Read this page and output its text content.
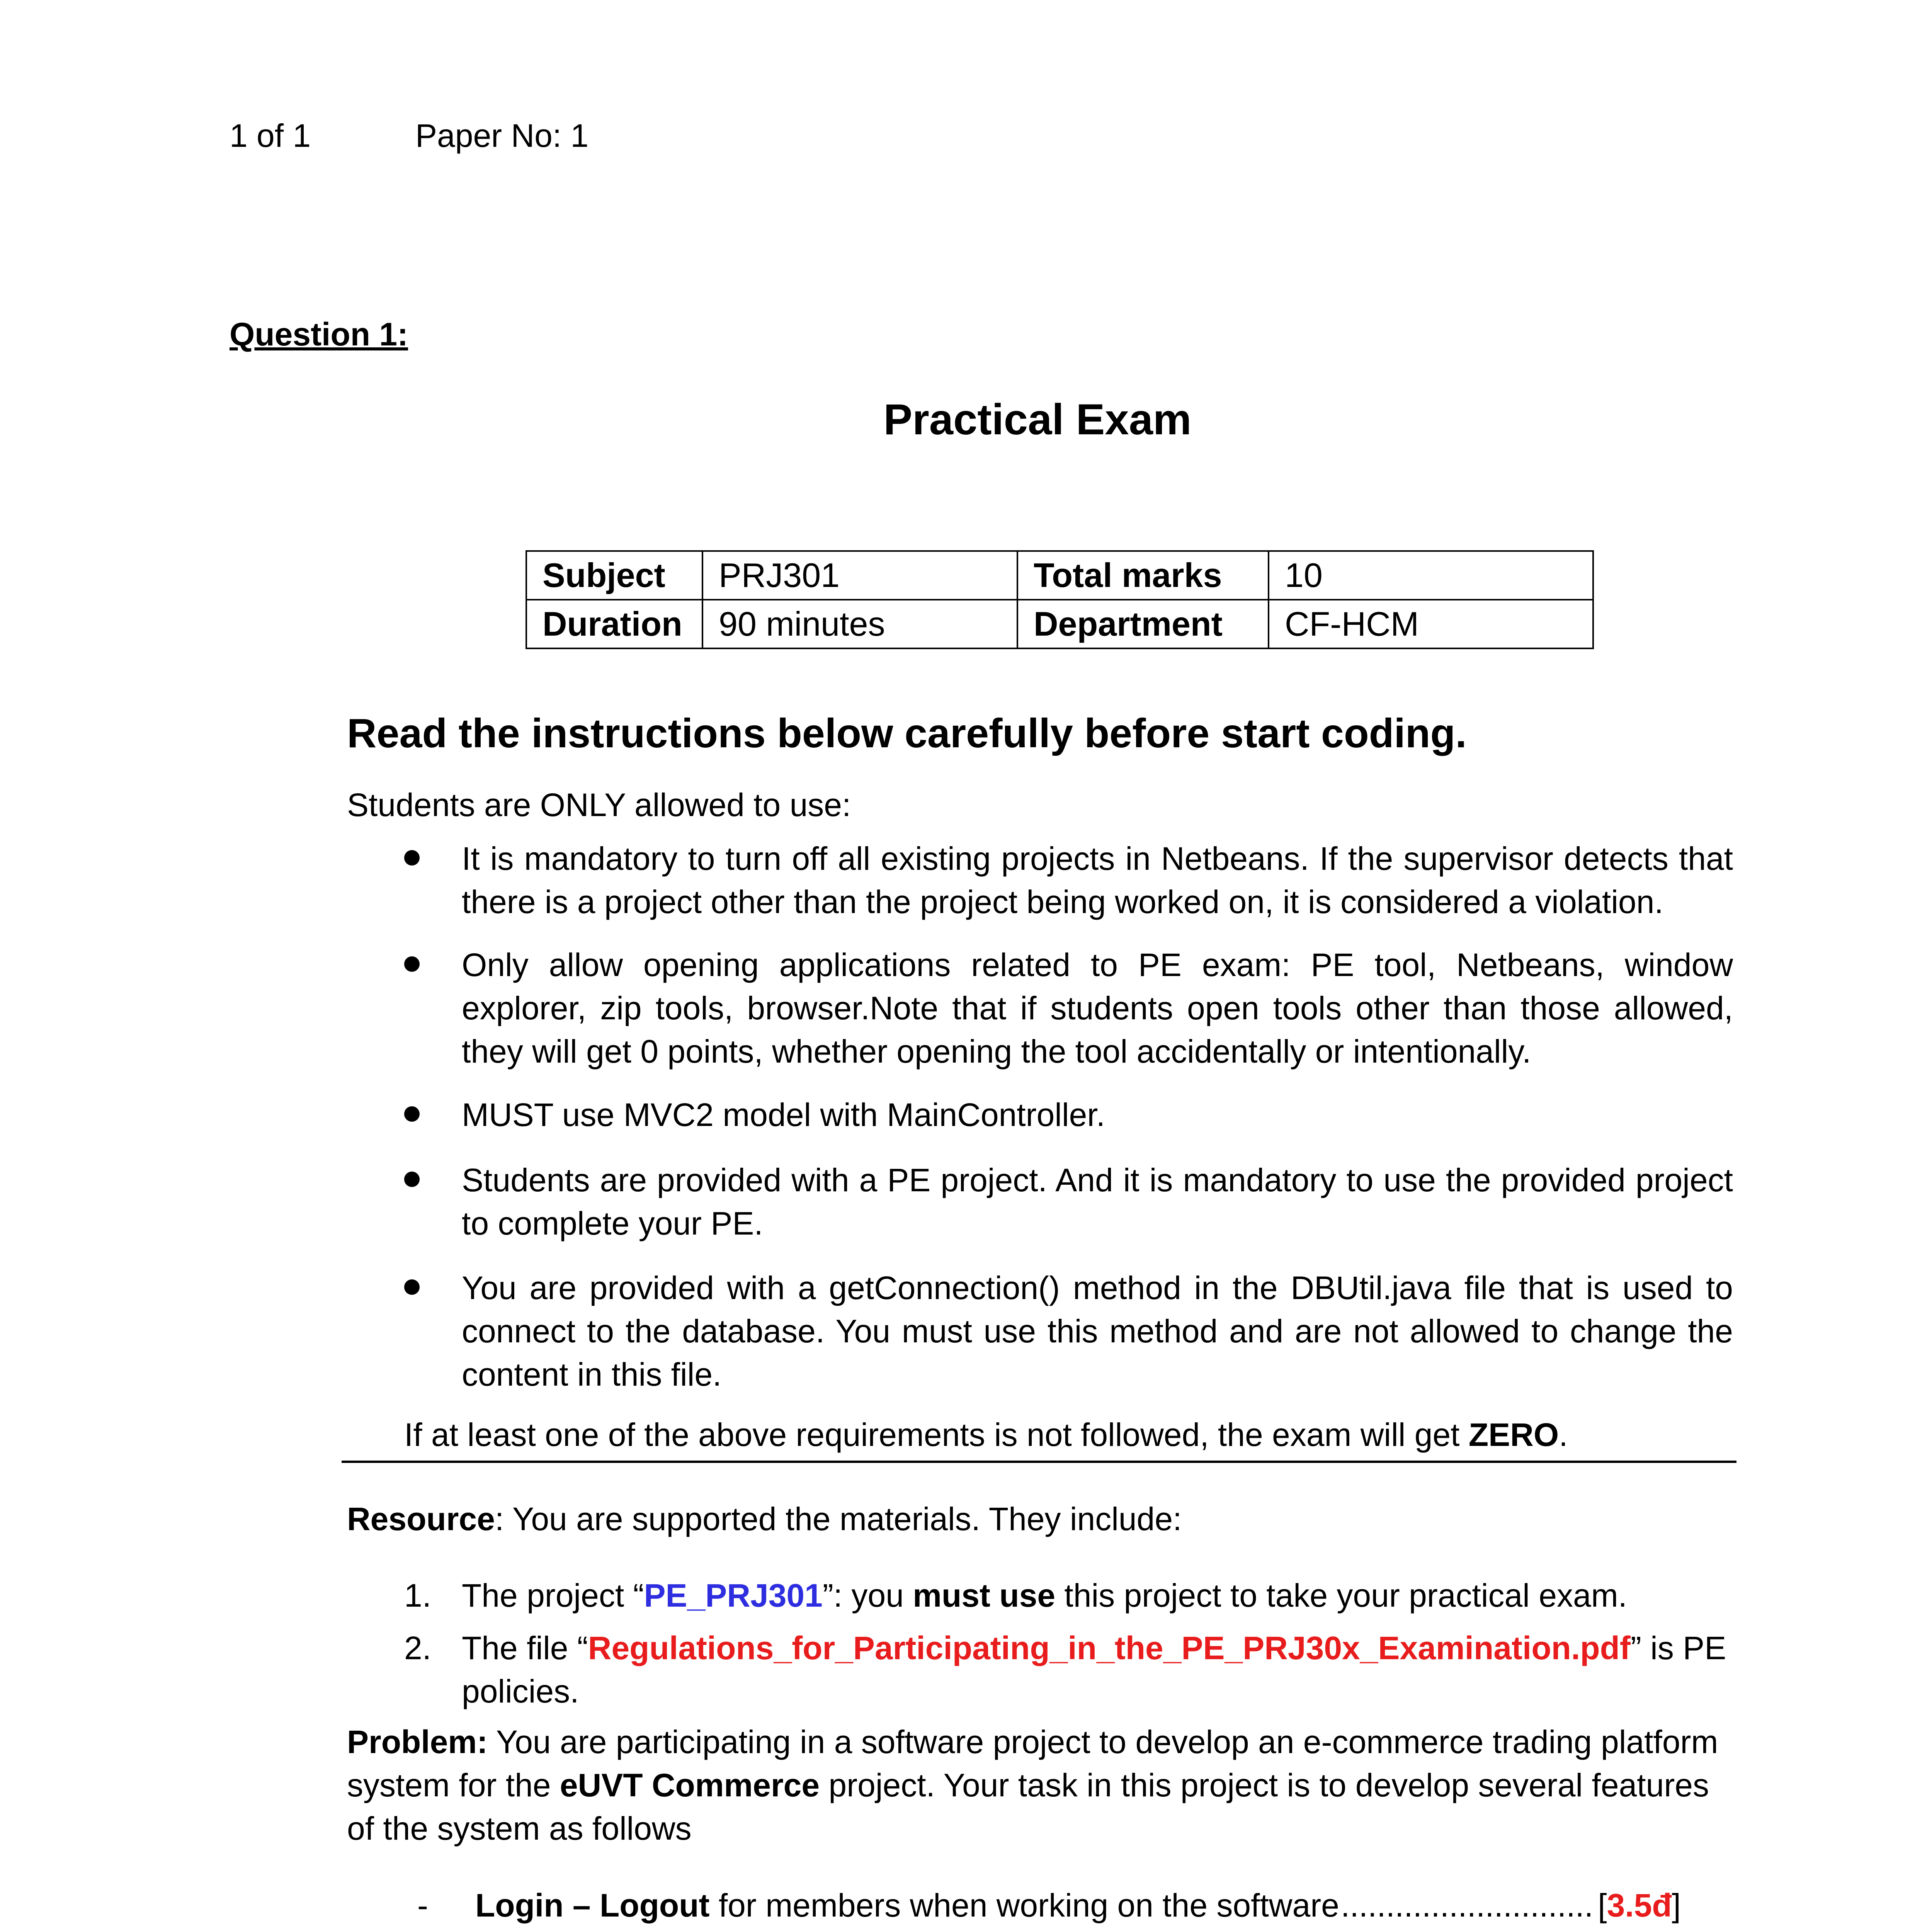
1 of 1	Paper No: 1
Question 1:
Practical Exam
Subject	PRJ301	Total marks	10
Duration	90 minutes	Department	CF-HCM
Read the instructions below carefully before start coding.
Students are ONLY allowed to use:
It is mandatory to turn off all existing projects in Netbeans. If the supervisor detects that there is a project other than the project being worked on, it is considered a violation.
Only allow opening applications related to PE exam: PE tool, Netbeans, window explorer, zip tools, browser.Note that if students open tools other than those allowed, they will get 0 points, whether opening the tool accidentally or intentionally.
MUST use MVC2 model with MainController.
Students are provided with a PE project. And it is mandatory to use the provided project to complete your PE.
You are provided with a getConnection() method in the DBUtil.java file that is used to connect to the database. You must use this method and are not allowed to change the content in this file.
If at least one of the above requirements is not followed, the exam will get ZERO.
Resource: You are supported the materials. They include:
1. The project “PE_PRJ301”: you must use this project to take your practical exam.
2. The file “Regulations_for_Participating_in_the_PE_PRJ30x_Examination.pdf” is PE
policies.
Problem: You are participating in a software project to develop an e-commerce trading platform
system for the eUVT Commerce project. Your task in this project is to develop several features
of the system as follows
- Login – Logout for members when working on the software .....	[3.5đ]
